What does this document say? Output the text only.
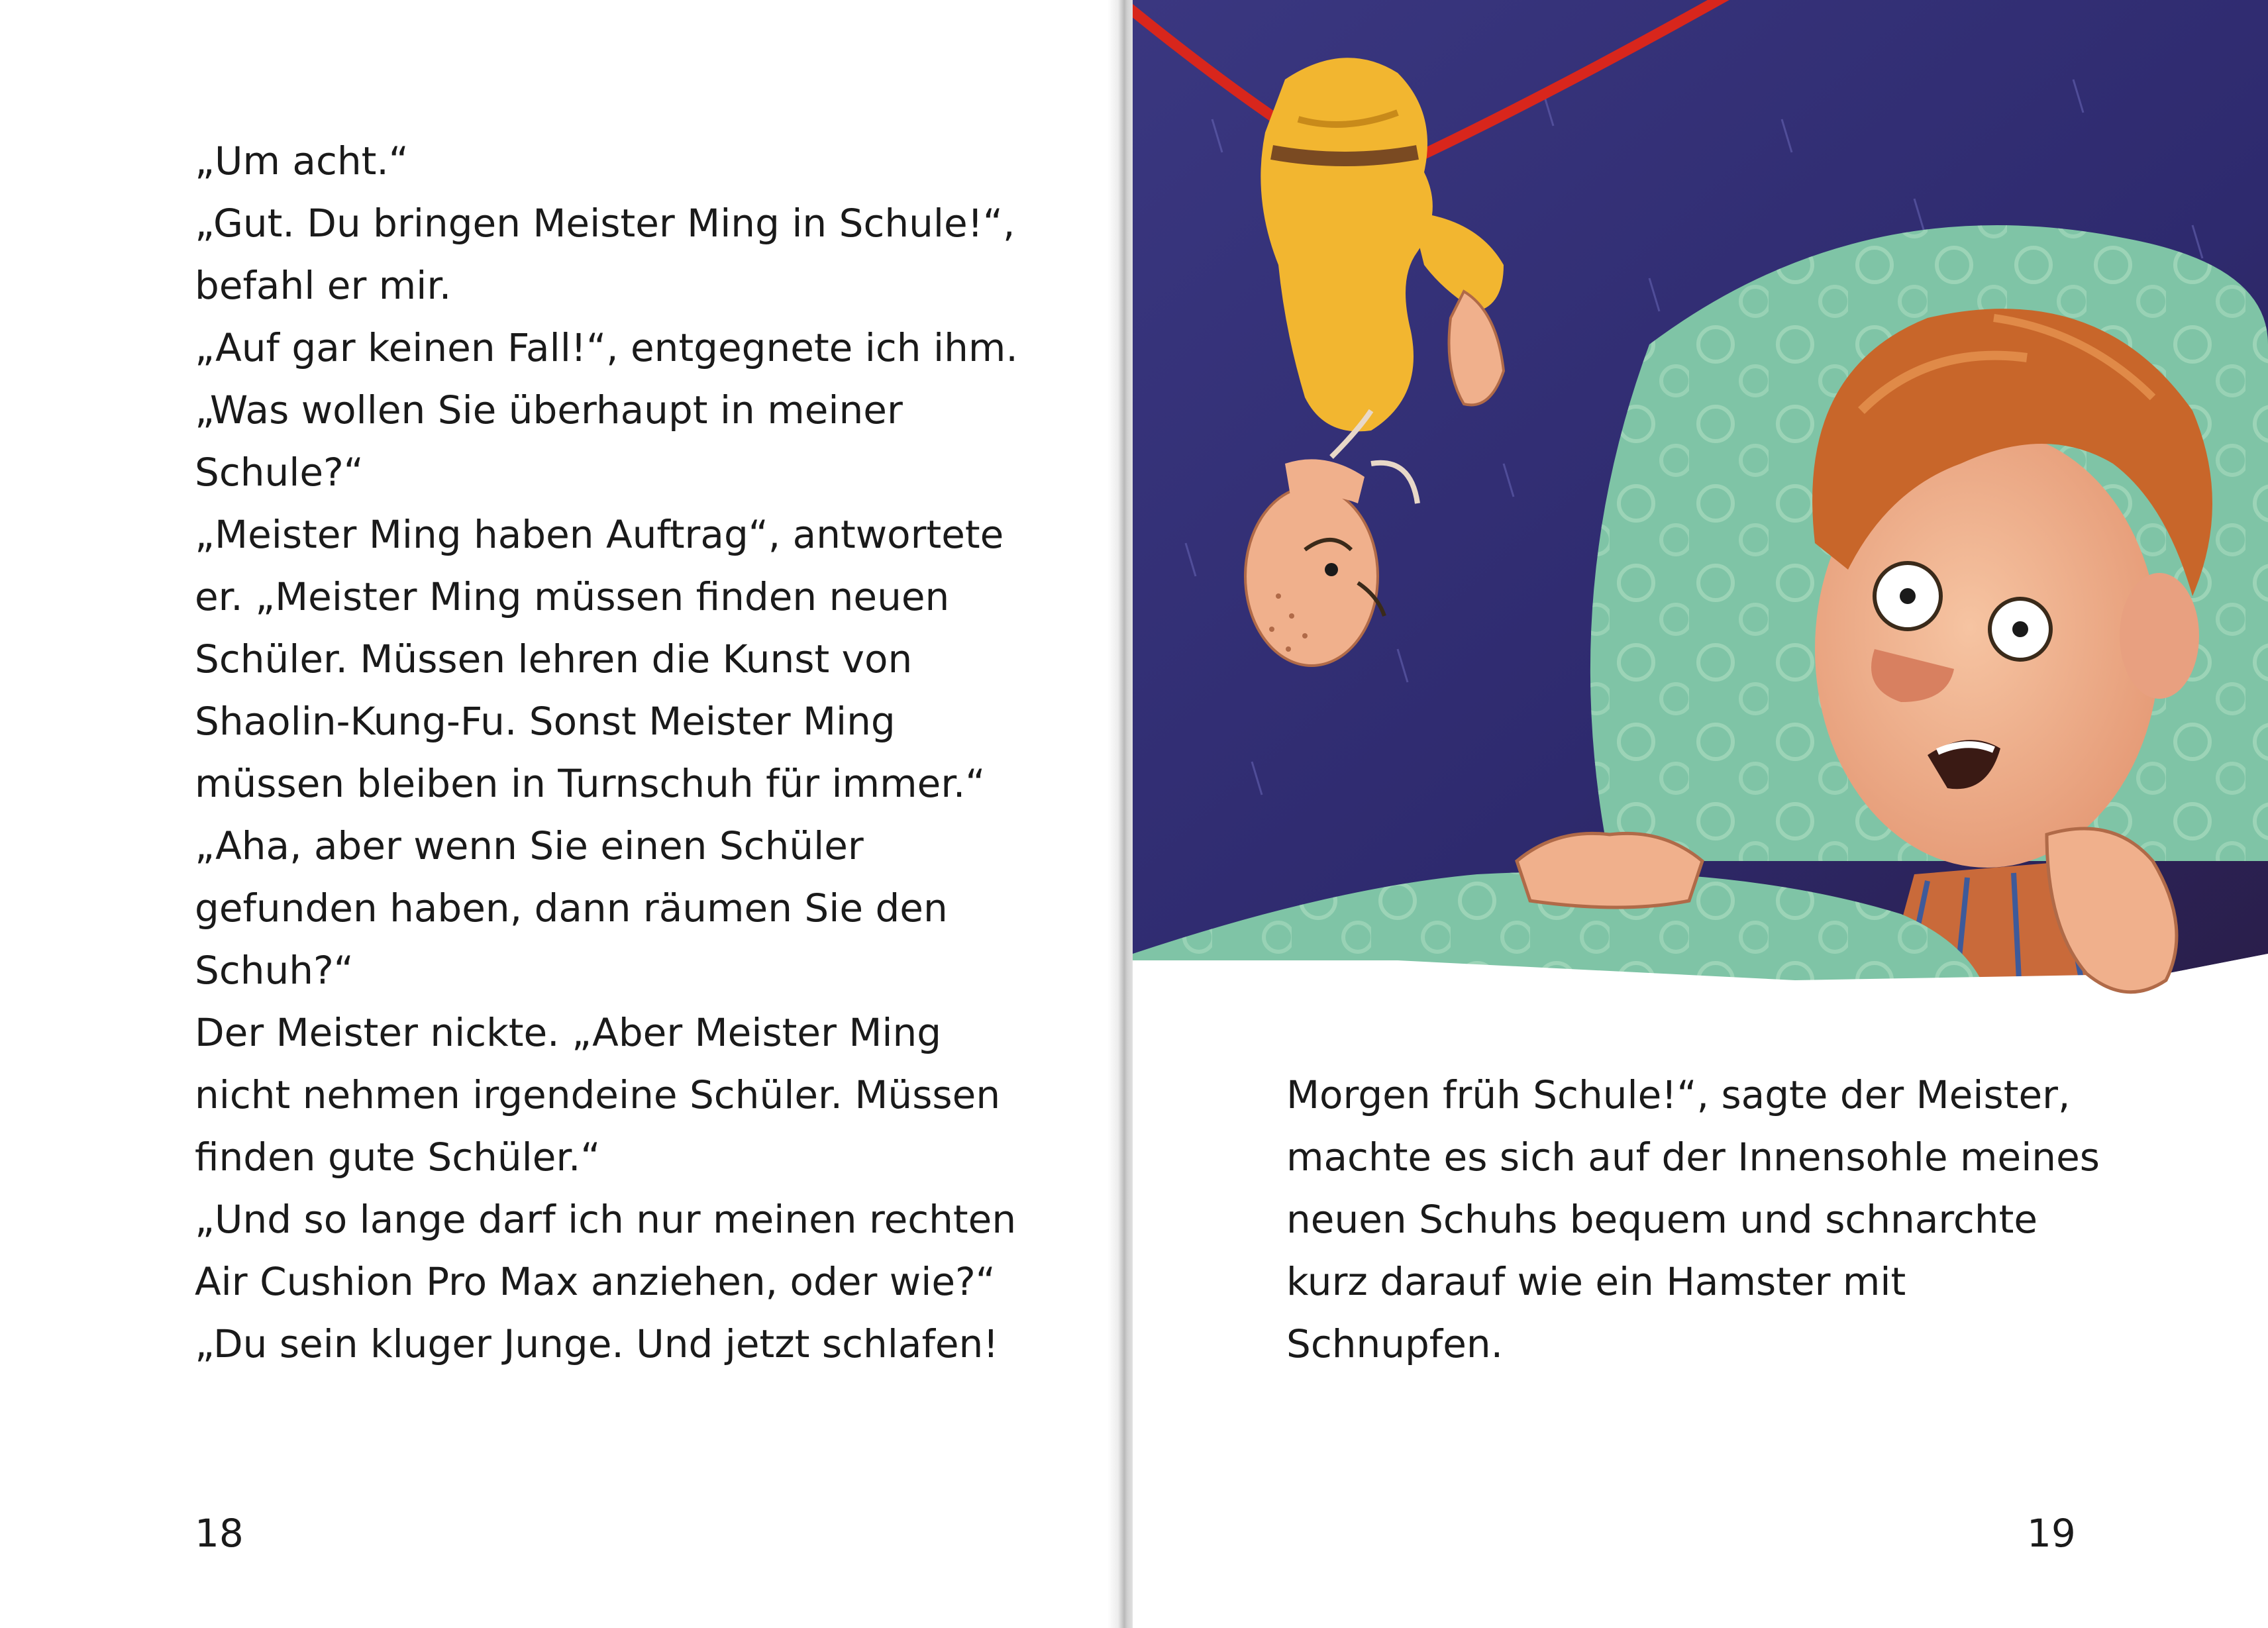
„Um acht.“

„Gut. Du bringen Meister Ming in Schule!“,

befahl er mir.

„Auf gar keinen Fall!“, entgegnete ich ihm.

„Was wollen Sie überhaupt in meiner

Schule?“

„Meister Ming haben Auftrag“, antwortete

er. „Meister Ming müssen finden neuen

Schüler. Müssen lehren die Kunst von

Shaolin-Kung-Fu. Sonst Meister Ming

müssen bleiben in Turnschuh für immer.“

„Aha, aber wenn Sie einen Schüler

gefunden haben, dann räumen Sie den

Schuh?“

Der Meister nickte. „Aber Meister Ming

nicht nehmen irgendeine Schüler. Müssen

finden gute Schüler.“

„Und so lange darf ich nur meinen rechten

Air Cushion Pro Max anziehen, oder wie?“

„Du sein kluger Junge. Und jetzt schlafen!

18

Morgen früh Schule!“, sagte der Meister,

machte es sich auf der Innensohle meines

neuen Schuhs bequem und schnarchte

kurz darauf wie ein Hamster mit

Schnupfen.

19
